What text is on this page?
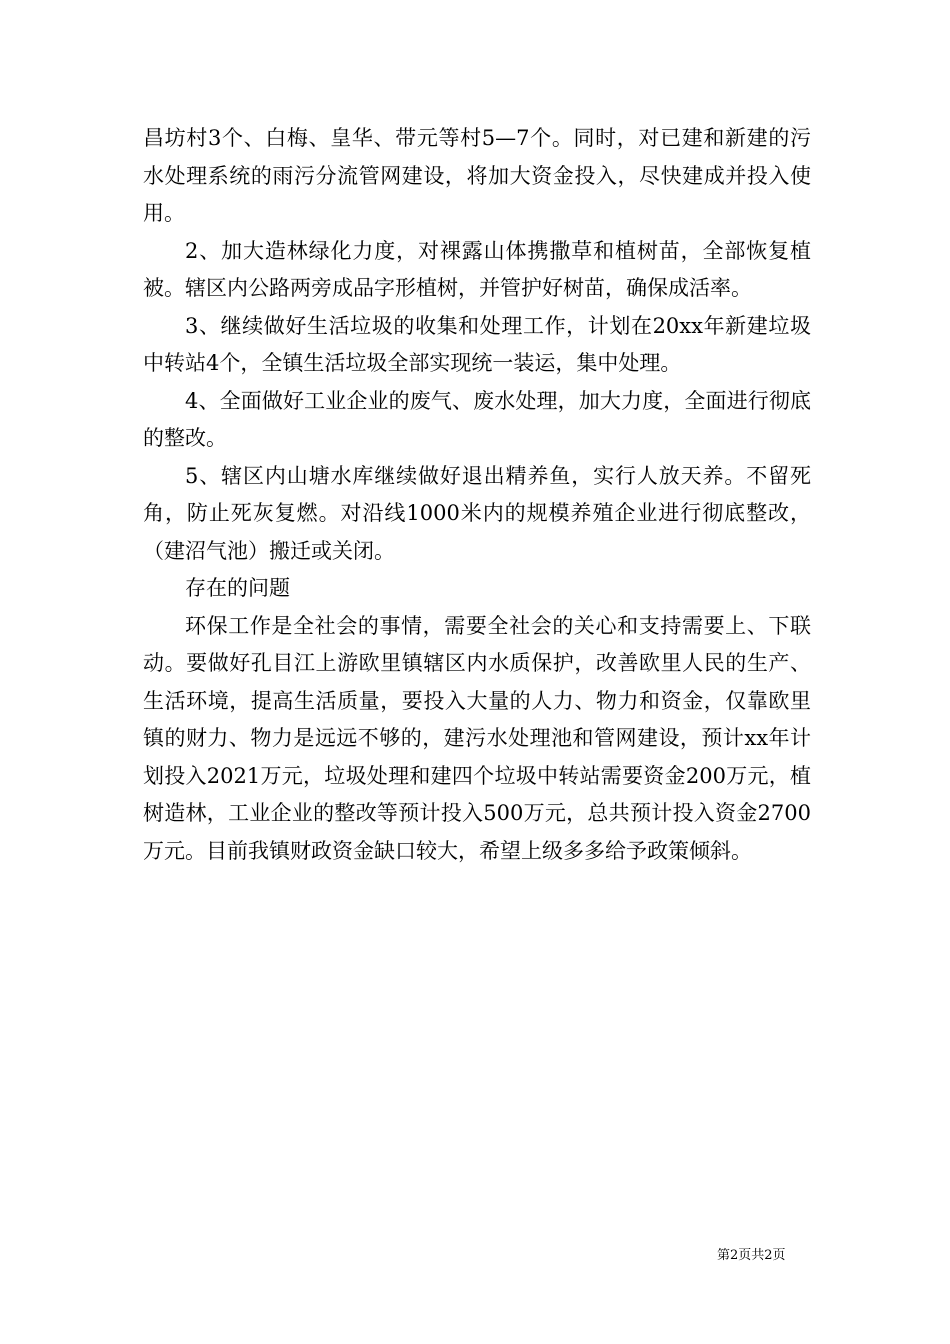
昌坊村3个、白梅、皇华、带元等村5—7个。同时，对已建和新建的污水处理系统的雨污分流管网建设，将加大资金投入，尽快建成并投入使用。

2、加大造林绿化力度，对裸露山体携撒草和植树苗，全部恢复植被。辖区内公路两旁成品字形植树，并管护好树苗，确保成活率。

3、继续做好生活垃圾的收集和处理工作，计划在20xx年新建垃圾中转站4个，全镇生活垃圾全部实现统一装运，集中处理。

4、全面做好工业企业的废气、废水处理，加大力度，全面进行彻底的整改。

5、辖区内山塘水库继续做好退出精养鱼，实行人放天养。不留死角，防止死灰复燃。对沿线1000米内的规模养殖企业进行彻底整改，（建沼气池）搬迁或关闭。

存在的问题

环保工作是全社会的事情，需要全社会的关心和支持需要上、下联动。要做好孔目江上游欧里镇辖区内水质保护，改善欧里人民的生产、生活环境，提高生活质量，要投入大量的人力、物力和资金，仅靠欧里镇的财力、物力是远远不够的，建污水处理池和管网建设，预计xx年计划投入2021万元，垃圾处理和建四个垃圾中转站需要资金200万元，植树造林，工业企业的整改等预计投入500万元，总共预计投入资金2700万元。目前我镇财政资金缺口较大，希望上级多多给予政策倾斜。

第2页共2页
